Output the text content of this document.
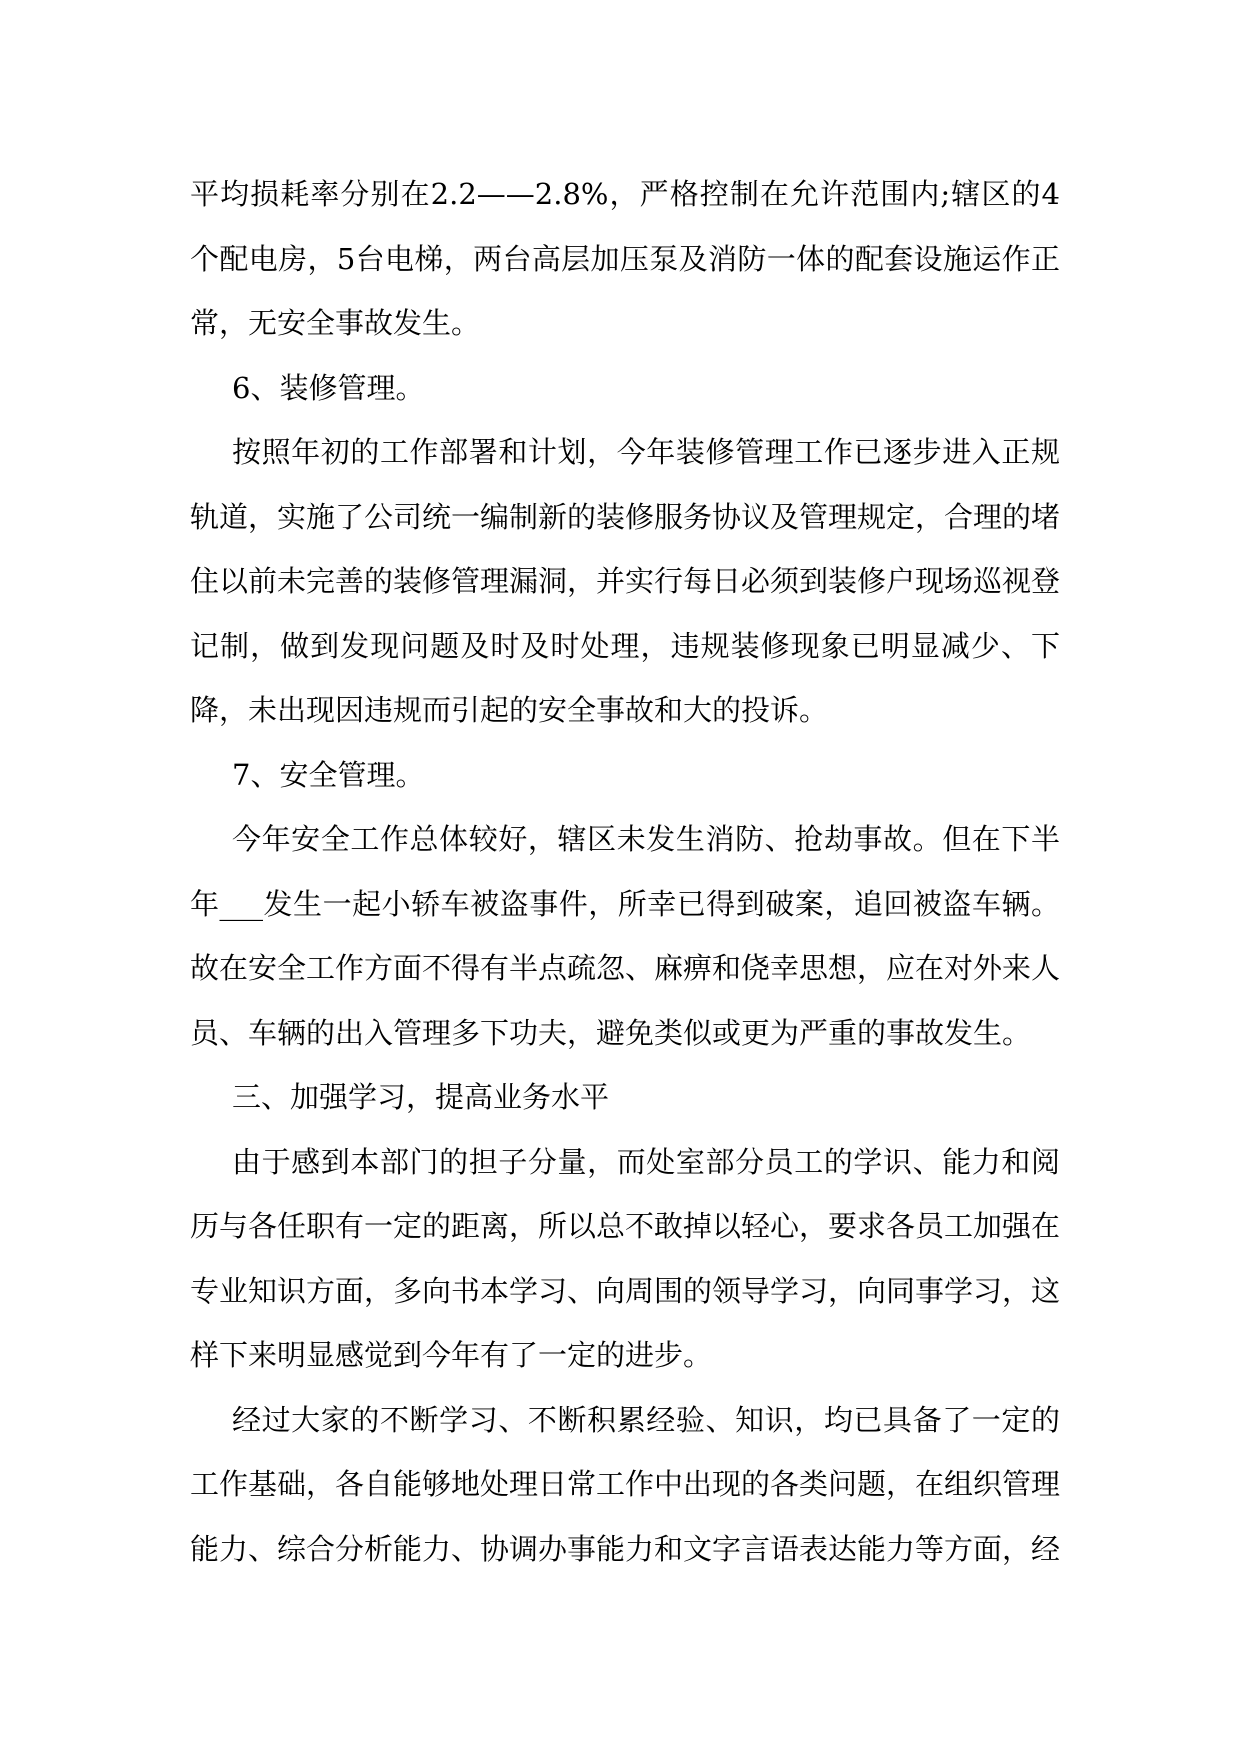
平均损耗率分别在2.2——2.8%，严格控制在允许范围内;辖区的4个配电房，5台电梯，两台高层加压泵及消防一体的配套设施运作正常，无安全事故发生。

6、装修管理。

按照年初的工作部署和计划，今年装修管理工作已逐步进入正规轨道，实施了公司统一编制新的装修服务协议及管理规定，合理的堵住以前未完善的装修管理漏洞，并实行每日必须到装修户现场巡视登记制，做到发现问题及时及时处理，违规装修现象已明显减少、下降，未出现因违规而引起的安全事故和大的投诉。

7、安全管理。

今年安全工作总体较好，辖区未发生消防、抢劫事故。但在下半年___发生一起小轿车被盗事件，所幸已得到破案，追回被盗车辆。故在安全工作方面不得有半点疏忽、麻痹和侥幸思想，应在对外来人员、车辆的出入管理多下功夫，避免类似或更为严重的事故发生。

三、加强学习，提高业务水平

由于感到本部门的担子分量，而处室部分员工的学识、能力和阅历与各任职有一定的距离，所以总不敢掉以轻心，要求各员工加强在专业知识方面，多向书本学习、向周围的领导学习，向同事学习，这样下来明显感觉到今年有了一定的进步。

经过大家的不断学习、不断积累经验、知识，均已具备了一定的工作基础，各自能够地处理日常工作中出现的各类问题，在组织管理能力、综合分析能力、协调办事能力和文字言语表达能力等方面，经
